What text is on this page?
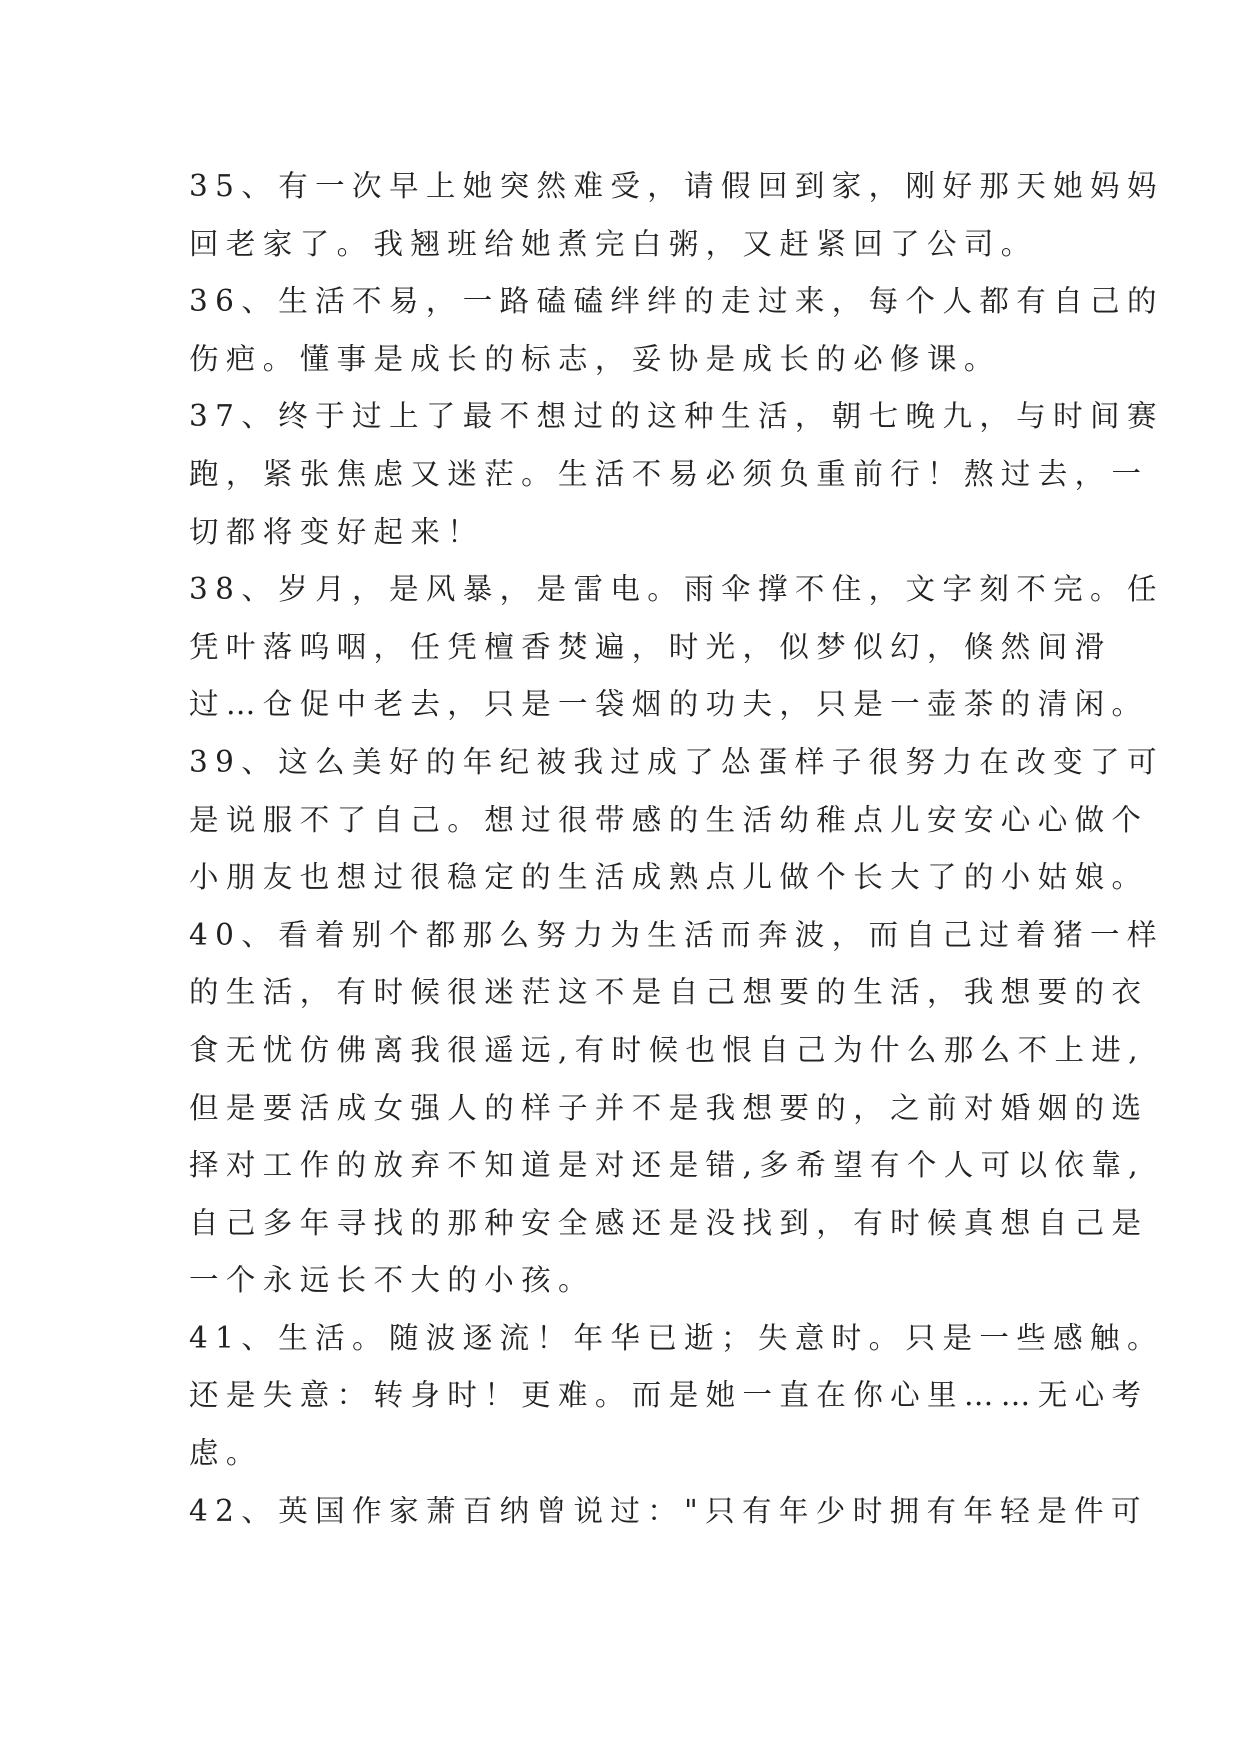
35、有一次早上她突然难受，请假回到家，刚好那天她妈妈
回老家了。我翘班给她煮完白粥，又赶紧回了公司。
36、生活不易，一路磕磕绊绊的走过来，每个人都有自己的
伤疤。懂事是成长的标志，妥协是成长的必修课。
37、终于过上了最不想过的这种生活，朝七晚九，与时间赛
跑，紧张焦虑又迷茫。生活不易必须负重前行！熬过去，一
切都将变好起来！
38、岁月，是风暴，是雷电。雨伞撑不住，文字刻不完。任
凭叶落呜咽，任凭檀香焚遍，时光，似梦似幻，倏然间滑
过…仓促中老去，只是一袋烟的功夫，只是一壶茶的清闲。
39、这么美好的年纪被我过成了怂蛋样子很努力在改变了可
是说服不了自己。想过很带感的生活幼稚点儿安安心心做个
小朋友也想过很稳定的生活成熟点儿做个长大了的小姑娘。
40、看着别个都那么努力为生活而奔波，而自己过着猪一样
的生活，有时候很迷茫这不是自己想要的生活，我想要的衣
食无忧仿佛离我很遥远,有时候也恨自己为什么那么不上进,
但是要活成女强人的样子并不是我想要的，之前对婚姻的选
择对工作的放弃不知道是对还是错,多希望有个人可以依靠,
自己多年寻找的那种安全感还是没找到，有时候真想自己是
一个永远长不大的小孩。
41、生活。随波逐流！年华已逝；失意时。只是一些感触。
还是失意：转身时！更难。而是她一直在你心里……无心考
虑。
42、英国作家萧百纳曾说过："只有年少时拥有年轻是件可
